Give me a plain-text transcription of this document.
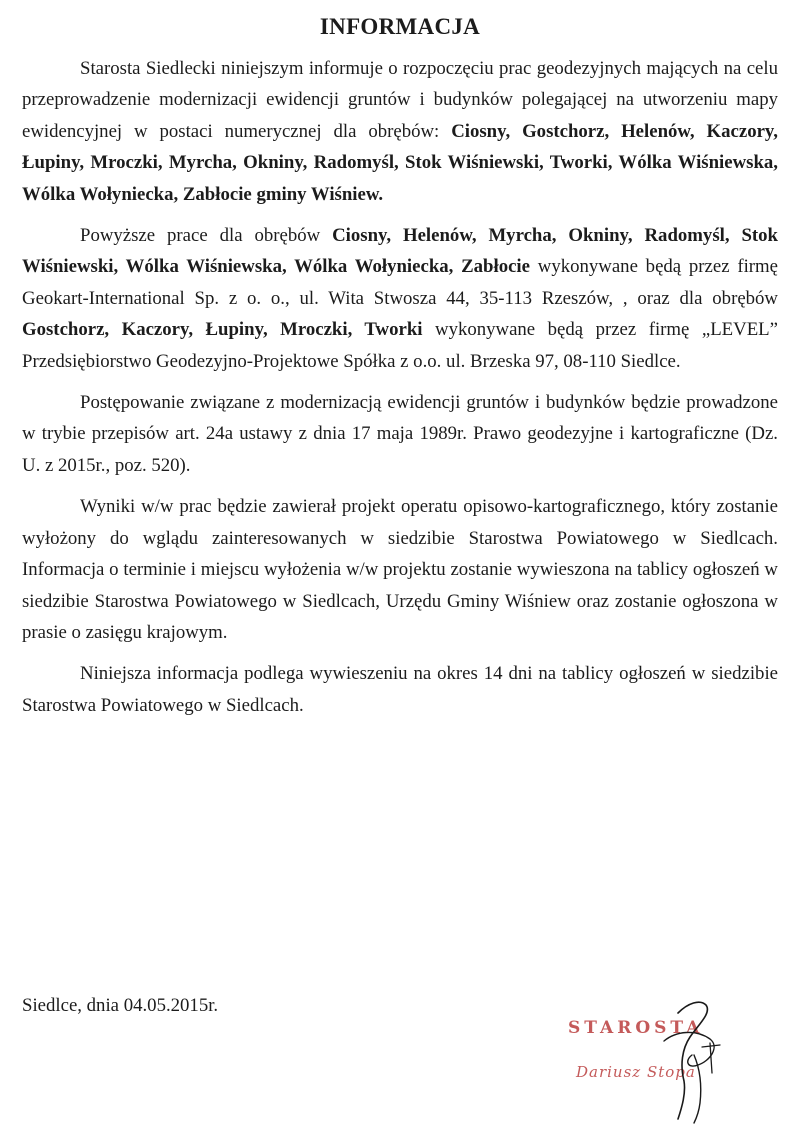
INFORMACJA

Starosta Siedlecki niniejszym informuje o rozpoczęciu prac geodezyjnych mających na celu przeprowadzenie modernizacji ewidencji gruntów i budynków polegającej na utworzeniu mapy ewidencyjnej w postaci numerycznej dla obrębów: Ciosny, Gostchorz, Helenów, Kaczory, Łupiny, Mroczki, Myrcha, Okniny, Radomyśl, Stok Wiśniewski, Tworki, Wólka Wiśniewska, Wólka Wołyniecka, Zabłocie gminy Wiśniew.

Powyższe prace dla obrębów Ciosny, Helenów, Myrcha, Okniny, Radomyśl, Stok Wiśniewski, Wólka Wiśniewska, Wólka Wołyniecka, Zabłocie wykonywane będą przez firmę Geokart-International Sp. z o. o., ul. Wita Stwosza 44, 35-113 Rzeszów, , oraz dla obrębów Gostchorz, Kaczory, Łupiny, Mroczki, Tworki wykonywane będą przez firmę „LEVEL” Przedsiębiorstwo Geodezyjno-Projektowe Spółka z o.o. ul. Brzeska 97, 08-110 Siedlce.

Postępowanie związane z modernizacją ewidencji gruntów i budynków będzie prowadzone w trybie przepisów art. 24a ustawy z dnia 17 maja 1989r. Prawo geodezyjne i kartograficzne (Dz. U. z 2015r., poz. 520).

Wyniki w/w prac będzie zawierał projekt operatu opisowo-kartograficznego, który zostanie wyłożony do wglądu zainteresowanych w siedzibie Starostwa Powiatowego w Siedlcach. Informacja o terminie i miejscu wyłożenia w/w projektu zostanie wywieszona na tablicy ogłoszeń w siedzibie Starostwa Powiatowego w Siedlcach, Urzędu Gminy Wiśniew oraz zostanie ogłoszona w prasie o zasięgu krajowym.

Niniejsza informacja podlega wywieszeniu na okres 14 dni na tablicy ogłoszeń w siedzibie Starostwa Powiatowego w Siedlcach.

Siedlce, dnia 04.05.2015r.
STAROSTA
Dariusz Stopa
